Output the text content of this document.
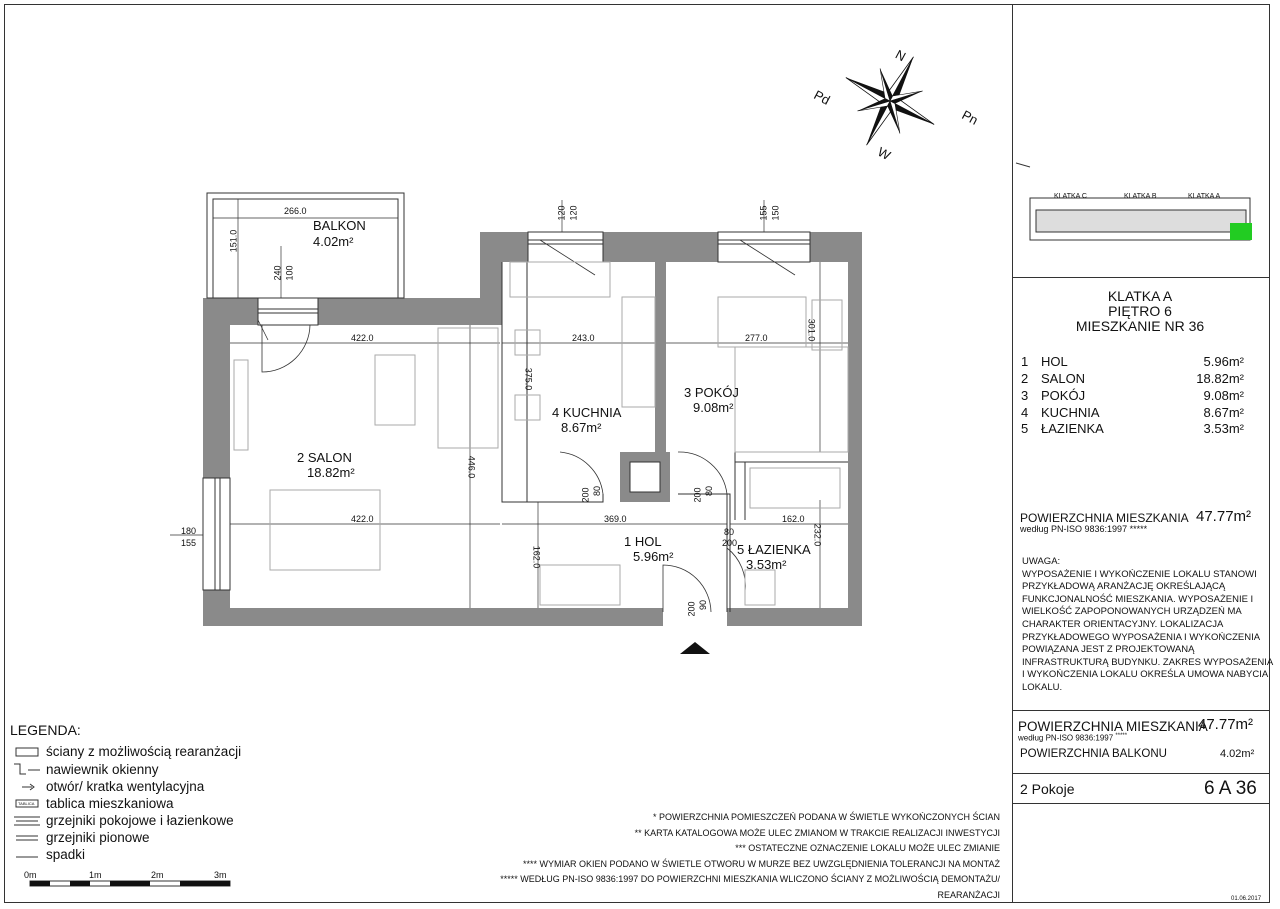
N
Pn
W
Pd
BALKON
4.02m²
2 SALON
18.82m²
4 KUCHNIA
8.67m²
3 POKÓJ
9.08m²
1 HOL
5.96m²	5 ŁAZIENKA
3.53m²
266.0
151.0
100
240
422.0	243.0	277.0
422.0	369.0	162.0
446.0
375.0
301.0
162.0
232.0
120
120	150
155
180
155
80
200	80
200
80
200
90
200
KLATKA C	KLATKA B	KLATKA A
KLATKA A
PIĘTRO 6
MIESZKANIE NR 36
1 HOL	5.96m²
2 SALON	18.82m²
3 POKÓJ	9.08m²
4 KUCHNIA	8.67m²
5 ŁAZIENKA	3.53m²
POWIERZCHNIA MIESZKANIA
według PN-ISO 9836:1997 *****
47.77m²
UWAGA:
WYPOSAŻENIE I WYKOŃCZENIE LOKALU STANOWI
PRZYKŁADOWĄ ARANŻACJĘ OKREŚLAJĄCĄ
FUNKCJONALNOŚĆ MIESZKANIA. WYPOSAŻENIE I
WIELKOŚĆ ZAPOPONOWANYCH URZĄDZEŃ MA
CHARAKTER ORIENTACYJNY. LOKALIZACJA
PRZYKŁADOWEGO WYPOSAŻENIA I WYKOŃCZENIA
POWIĄZANA JEST Z PROJEKTOWANĄ
INFRASTRUKTURĄ BUDYNKU. ZAKRES WYPOSAŻENIA
I WYKOŃCZENIA LOKALU OKREŚLA UMOWA NABYCIA
LOKALU.
POWIERZCHNIA MIESZKANIA
47.77m²
według PN-ISO 9836:1997 *****
POWIERZCHNIA BALKONU	4.02m²
2 Pokoje	6 A 36
01.06.2017
LEGENDA:
ściany z możliwością rearanżacji
nawiewnik okienny
otwór/ kratka wentylacyjna
tablica mieszkaniowa
grzejniki pokojowe i łazienkowe
grzejniki pionowe
spadki
TABLICA
0m	1m	2m	3m
* POWIERZCHNIA POMIESZCZEŃ PODANA W ŚWIETLE WYKOŃCZONYCH ŚCIAN
** KARTA KATALOGOWA MOŻE ULEC ZMIANOM W TRAKCIE REALIZACJI INWESTYCJI
*** OSTATECZNE OZNACZENIE LOKALU MOŻE ULEC ZMIANIE
**** WYMIAR OKIEN PODANO W ŚWIETLE OTWORU W MURZE BEZ UWZGLĘDNIENIA TOLERANCJI NA MONTAŻ
***** WEDŁUG PN-ISO 9836:1997 DO POWIERZCHNI MIESZKANIA WLICZONO ŚCIANY Z MOŻLIWOŚCIĄ DEMONTAŻU/
REARANŻACJI
